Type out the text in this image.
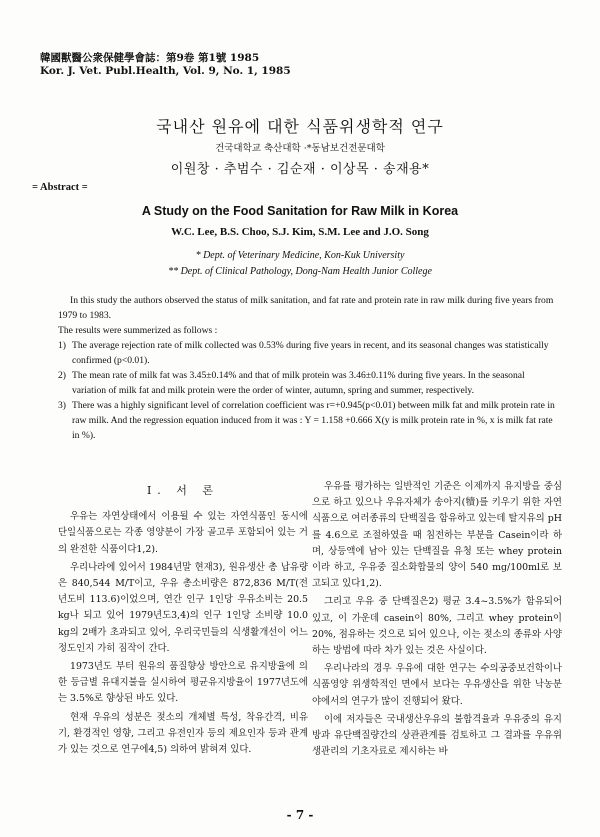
韓國獸醫公衆保健學會誌：第9卷 第1號 1985
Kor. J. Vet. Publ.Health, Vol. 9, No. 1, 1985
국내산 원유에 대한 식품위생학적 연구
건국대학교 축산대학 ·*동남보건전문대학
이원창 · 추범수 · 김순재 · 이상목 · 송재용*
= Abstract =
A Study on the Food Sanitation for Raw Milk in Korea
W.C. Lee, B.S. Choo, S.J. Kim, S.M. Lee and J.O. Song
* Dept. of Veterinary Medicine, Kon-Kuk University
** Dept. of Clinical Pathology, Dong-Nam Health Junior College

In this study the authors observed the status of milk sanitation, and fat rate and protein rate in raw milk during five years from 1979 to 1983.

The results were summerized as follows :

1) The average rejection rate of milk collected was 0.53% during five years in recent, and its seasonal changes was statistically confirmed (p<0.01).
2) The mean rate of milk fat was 3.45±0.14% and that of milk protein was 3.46±0.11% during five years. In the seasonal variation of milk fat and milk protein were the order of winter, autumn, spring and summer, respectively.
3) There was a highly significant level of correlation coefficient was r=+0.945(p<0.01) between milk fat and milk protein rate in raw milk. And the regression equation induced from it was : Y = 1.158 +0.666 X(y is milk protein rate in %, x is milk fat rate in %).
I. 서 론

우유는 자연상태에서 이용될 수 있는 자연식품인 동시에 단일식품으로는 각종 영양분이 가장 골고루 포함되어 있는 거의 완전한 식품이다1,2).

우리나라에 있어서 1984년말 현재3), 원유생산 총 납유량은 840,544 M/T이고, 우유 총소비량은 872,836 M/T(전 년도비 113.6)이었으며, 연간 인구 1인당 우유소비는 20.5 kg나 되고 있어 1979년도3,4)의 인구 1인당 소비량 10.0 kg의 2배가 초과되고 있어, 우리국민들의 식생활개선이 어느 정도인지 가히 짐작이 간다.

1973년도 부터 원유의 품질향상 방안으로 유지방율에 의한 등급별 유대지불을 실시하여 평균유지방율이 1977년도에는 3.5%로 향상된 바도 있다.

현재 우유의 성분은 젖소의 개체별 특성, 착유간격, 비유기, 환경적인 영향, 그리고 유전인자 등의 제요인자 등과 관계가 있는 것으로 연구에4,5) 의하여 밝혀져 있다.

우유를 평가하는 일반적인 기준은 이제까지 유지방을 중심으로 하고 있으나 우유자체가 송아지(犢)를 키우기 위한 자연식품으로 여러종류의 단백질을 함유하고 있는데 탈지유의 pH를 4.6으로 조절하였을 때 침전하는 부분을 Casein이라 하며, 상등액에 남아 있는 단백질을 유청 또는 whey protein 이라 하고, 우유중 질소화합물의 양이 540 mg/100ml로 보고되고 있다1,2).

그리고 우유 중 단백질은2) 평균 3.4~3.5%가 함유되어 있고, 이 가운데 casein이 80%, 그리고 whey protein이 20%, 점유하는 것으로 되어 있으나, 이는 젖소의 종류와 사양하는 방법에 따라 차가 있는 것은 사실이다.

우리나라의 경우 우유에 대한 연구는 수의공중보건학이나 식품영양 위생학적인 면에서 보다는 우유생산을 위한 낙농분야에서의 연구가 많이 진행되어 왔다.

이에 저자들은 국내생산우유의 불합격율과 우유중의 유지방과 유단백질량간의 상관관계를 검토하고 그 결과를 우유위생관리의 기초자료로 제시하는 바

- 7 -
